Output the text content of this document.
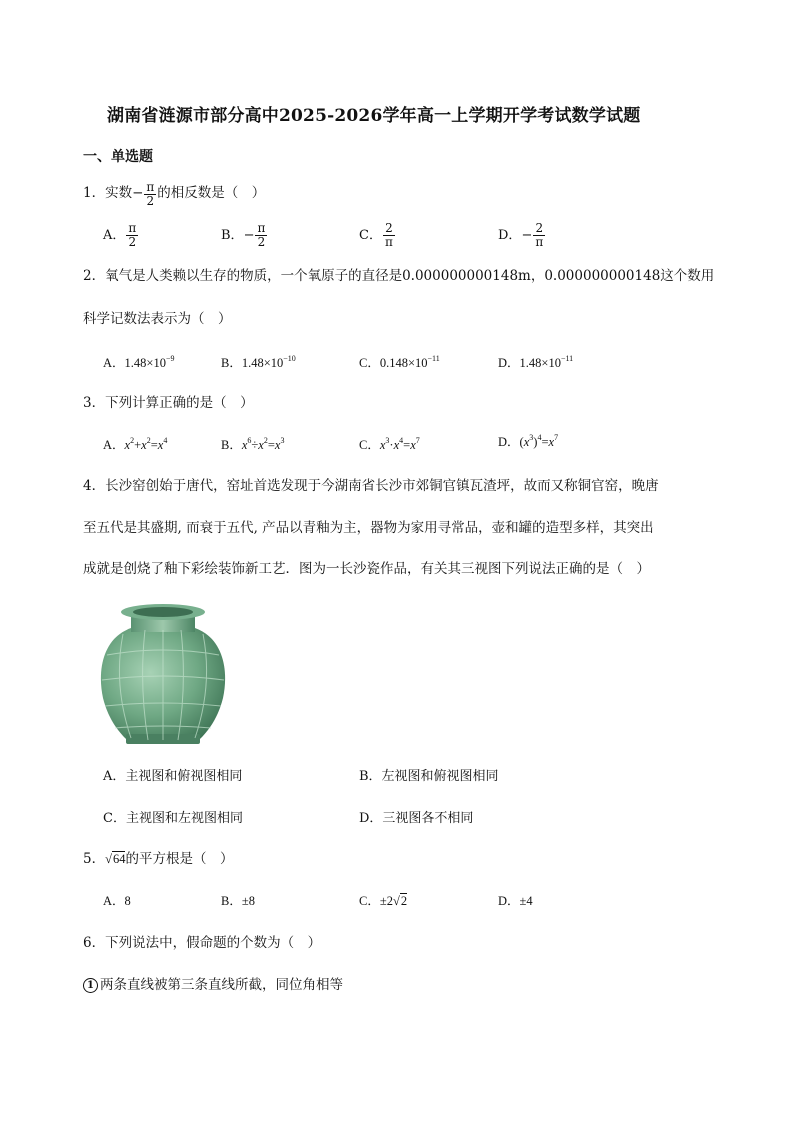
湖南省涟源市部分高中2025-2026学年高一上学期开学考试数学试题
一、单选题
1．实数 − $\frac{\pi}{2}$ 的相反数是（　）
A． $\frac{\pi}{2}$	B． − $\frac{\pi}{2}$	C． $\frac{2}{\pi}$	D． − $\frac{2}{\pi}$
2．氧气是人类赖以生存的物质，一个氧原子的直径是0.000000000148m，0.000000000148这个数用
科学记数法表示为（　）
A．$1.48\times 10^{-9}$	B．$1.48\times 10^{-10}$	C．$0.148\times 10^{-11}$	D．$1.48\times 10^{-11}$
3．下列计算正确的是（　）
A．$x^2+x^2=x^4$	B．$x^6\div x^2=x^3$	C．$x^3\cdot x^4=x^7$	D．$(x^3)^4=x^7$
4．长沙窑创始于唐代，窑址首选发现于今湖南省长沙市郊铜官镇瓦渣坪，故而又称铜官窑，晚唐
至五代是其盛期, 而衰于五代, 产品以青釉为主，器物为家用寻常品，壶和罐的造型多样，其突出
成就是创烧了釉下彩绘装饰新工艺．图为一长沙瓷作品，有关其三视图下列说法正确的是（　）
A．主视图和俯视图相同	B．左视图和俯视图相同
C．主视图和左视图相同	D．三视图各不相同
5．√64的平方根是（　）
A．8	B．±8	C．±2√2	D．±4
6．下列说法中，假命题的个数为（　）
1 两条直线被第三条直线所截，同位角相等
